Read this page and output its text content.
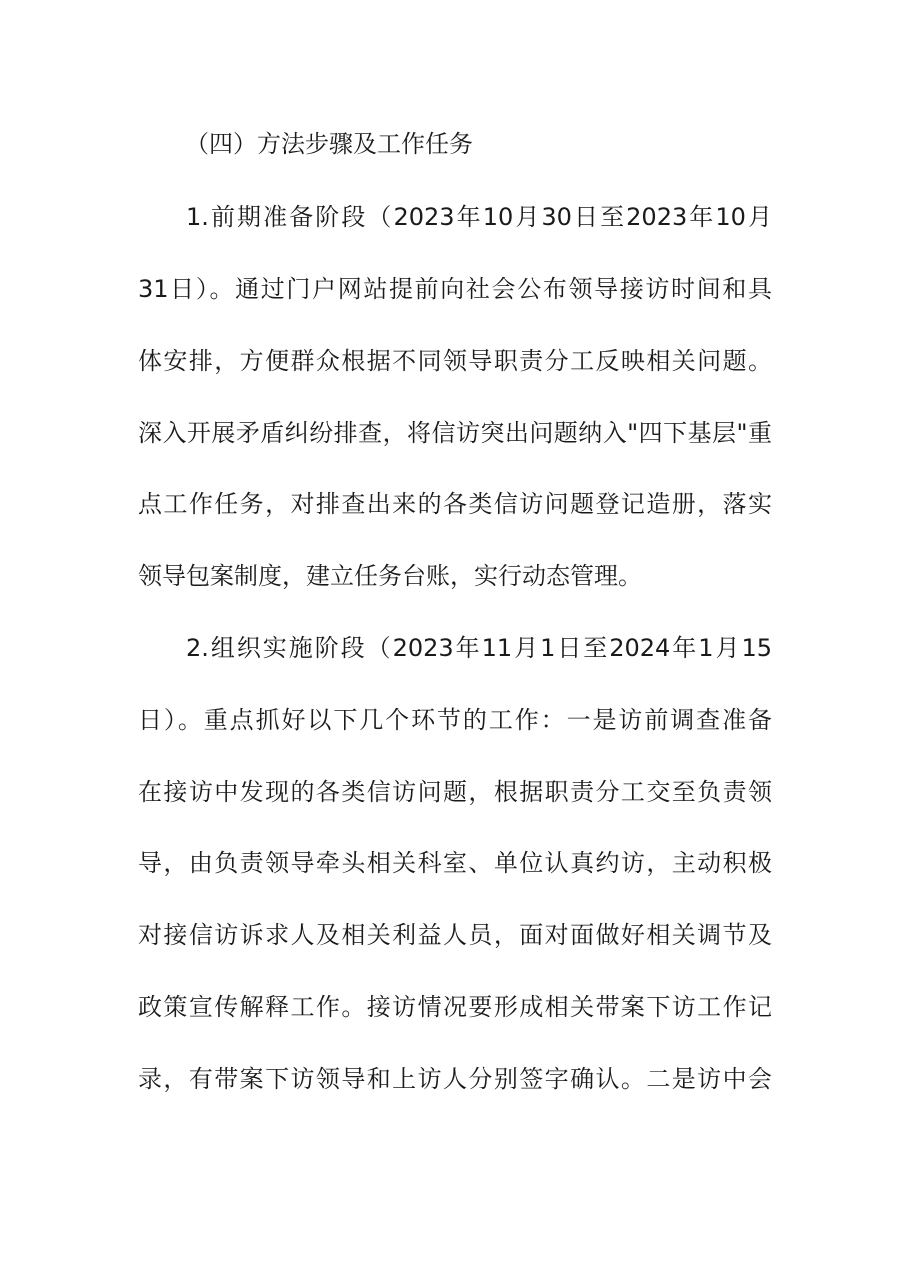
（四）方法步骤及工作任务
1.前期准备阶段（2023年10月30日至2023年10月
31日）。通过门户网站提前向社会公布领导接访时间和具
体安排，方便群众根据不同领导职责分工反映相关问题。
深入开展矛盾纠纷排查，将信访突出问题纳入"四下基层"重
点工作任务，对排查出来的各类信访问题登记造册，落实
领导包案制度，建立任务台账，实行动态管理。
2.组织实施阶段（2023年11月1日至2024年1月15
日）。重点抓好以下几个环节的工作：一是访前调查准备
在接访中发现的各类信访问题，根据职责分工交至负责领
导，由负责领导牵头相关科室、单位认真约访，主动积极
对接信访诉求人及相关利益人员，面对面做好相关调节及
政策宣传解释工作。接访情况要形成相关带案下访工作记
录，有带案下访领导和上访人分别签字确认。二是访中会
